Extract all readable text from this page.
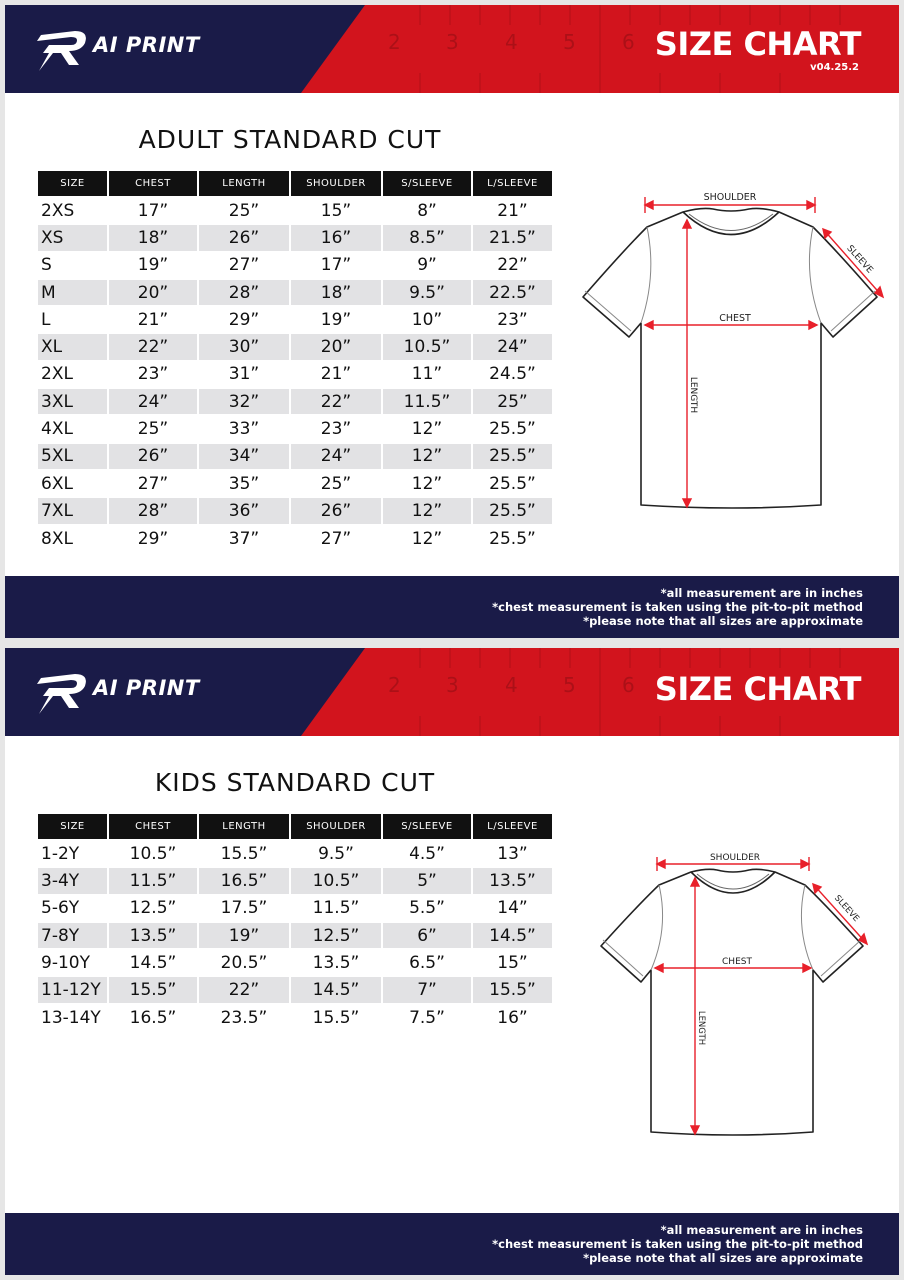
2 3 4 5 6
AI PRINT	SIZE CHART
v04.25.2
ADULT STANDARD CUT
SIZE	CHEST	LENGTH	SHOULDER	S/SLEEVE	L/SLEEVE
2XS	17”	25”	15”	8”	21”
XS	18”	26”	16”	8.5”	21.5”
S	19”	27”	17”	9”	22”
M	20”	28”	18”	9.5”	22.5”
L	21”	29”	19”	10”	23”
XL	22”	30”	20”	10.5”	24”
2XL	23”	31”	21”	11”	24.5”
3XL	24”	32”	22”	11.5”	25”
4XL	25”	33”	23”	12”	25.5”
5XL	26”	34”	24”	12”	25.5”
6XL	27”	35”	25”	12”	25.5”
7XL	28”	36”	26”	12”	25.5”
8XL	29”	37”	27”	12”	25.5”
SHOULDER
CHEST
LENGTH
SLEEVE
*all measurement are in inches
*chest measurement is taken using the pit-to-pit method
*please note that all sizes are approximate
2 3 4 5 6
AI PRINT	SIZE CHART
KIDS STANDARD CUT
SIZE	CHEST	LENGTH	SHOULDER	S/SLEEVE	L/SLEEVE
1-2Y	10.5”	15.5”	9.5”	4.5”	13”
3-4Y	11.5”	16.5”	10.5”	5”	13.5”
5-6Y	12.5”	17.5”	11.5”	5.5”	14”
7-8Y	13.5”	19”	12.5”	6”	14.5”
9-10Y	14.5”	20.5”	13.5”	6.5”	15”
11-12Y	15.5”	22”	14.5”	7”	15.5”
13-14Y	16.5”	23.5”	15.5”	7.5”	16”
SHOULDER
CHEST
LENGTH
SLEEVE
*all measurement are in inches
*chest measurement is taken using the pit-to-pit method
*please note that all sizes are approximate
